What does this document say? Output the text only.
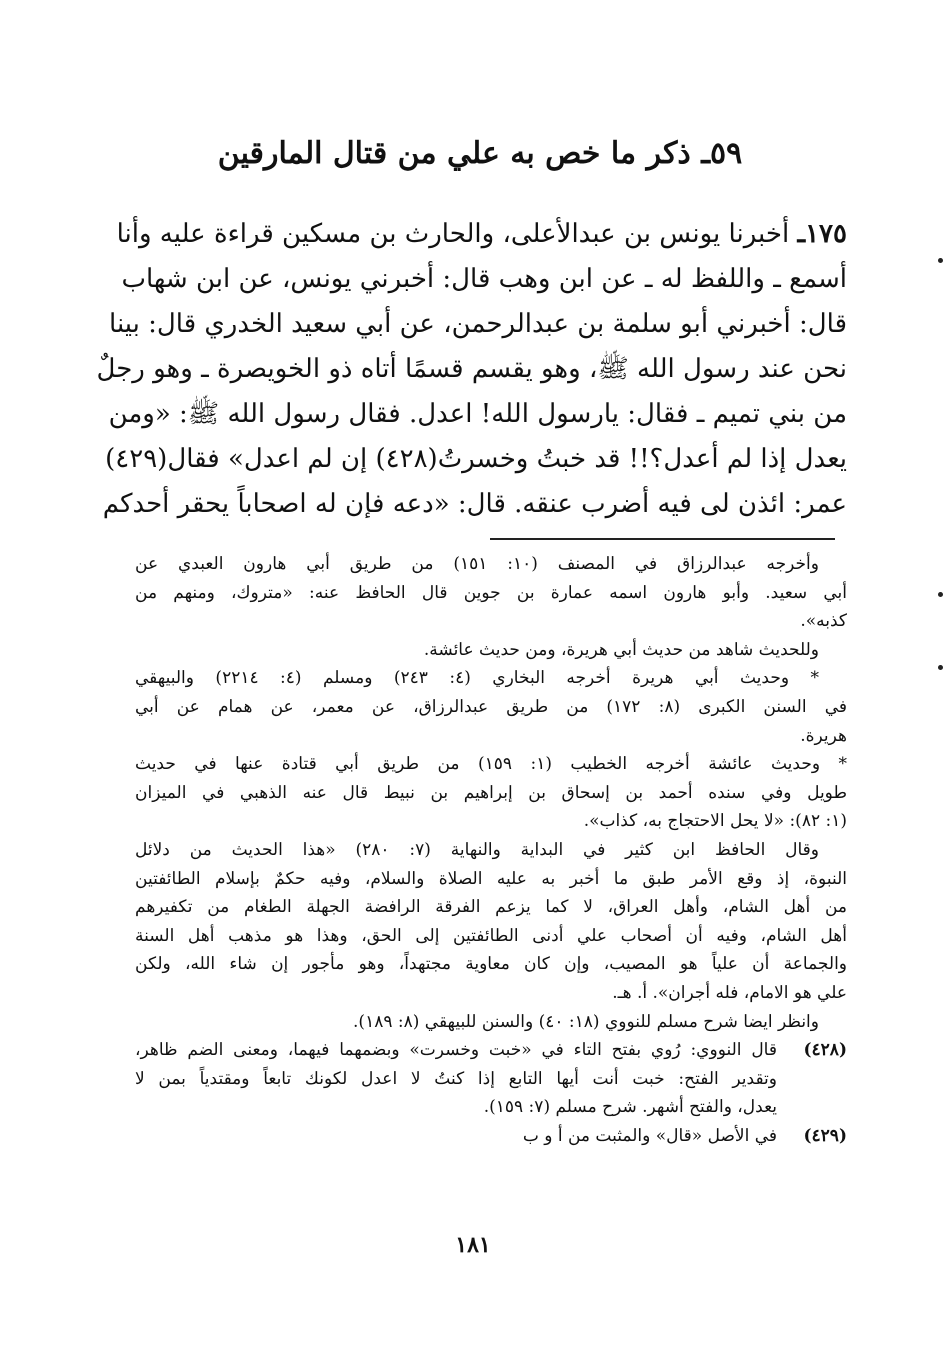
٥٩ـ ذكر ما خص به علي من قتال المارقين
١٧٥ـ أخبرنا يونس بن عبدالأعلى، والحارث بن مسكين قراءة عليه وأنا
أسمع ـ واللفظ له ـ عن ابن وهب قال: أخبرني يونس، عن ابن شهاب
قال: أخبرني أبو سلمة بن عبدالرحمن، عن أبي سعيد الخدري قال: بينا
نحن عند رسول الله ﷺ، وهو يقسم قسمًا أتاه ذو الخويصرة ـ وهو رجلٌ
من بني تميم ـ فقال: يارسول الله! اعدل. فقال رسول الله ﷺ: «ومن
يعدل إذا لم أعدل؟!! قد خبتُ وخسرتُ(٤٢٨) إن لم اعدل» فقال(٤٢٩)
عمر: ائذن لى فيه أضرب عنقه. قال: «دعه فإن له اصحاباً يحقر أحدكم
وأخرجه عبدالرزاق في المصنف (١٠: ١٥١) من طريق أبي هارون العبدي عن
أبي سعيد. وأبو هارون اسمه عمارة بن جوين قال الحافظ عنه: «متروك، ومنهم من
كذبه».
وللحديث شاهد من حديث أبي هريرة، ومن حديث عائشة.
* وحديث أبي هريرة أخرجه البخاري (٤: ٢٤٣) ومسلم (٤: ٢٢١٤) والبيهقي
في السنن الكبرى (٨: ١٧٢) من طريق عبدالرزاق، عن معمر، عن همام عن أبي
هريرة.
* وحديث عائشة أخرجه الخطيب (١: ١٥٩) من طريق أبي قتادة عنها في حديث
طويل وفي سنده أحمد بن إسحاق بن إبراهيم بن نبيط قال عنه الذهبي في الميزان
(١: ٨٢): «لا يحل الاحتجاج به، كذاب».
وقال الحافظ ابن كثير في البداية والنهاية (٧: ٢٨٠) «هذا الحديث من دلائل
النبوة، إذ وقع الأمر طبق ما أخبر به عليه الصلاة والسلام، وفيه حكمٌ بإسلام الطائفتين
من أهل الشام، وأهل العراق، لا كما يزعم الفرقة الرافضة الجهلة الطغام من تكفيرهم
أهل الشام، وفيه أن أصحاب علي أدنى الطائفتين إلى الحق، وهذا هو مذهب أهل السنة
والجماعة أن علياً هو المصيب، وإن كان معاوية مجتهداً، وهو مأجور إن شاء الله، ولكن
علي هو الامام، فله أجران». أ. هـ.
وانظر ايضا شرح مسلم للنووي (١٨: ٤٠) والسنن للبيهقي (٨: ١٨٩).
(٤٢٨)
قال النووي: رُوي بفتح التاء في «خبت وخسرت» وبضمهما فيهما، ومعنى الضم ظاهر،
وتقدير الفتح: خبت أنت أيها التابع إذا كنتُ لا اعدل لكونك تابعاً ومقتدياً بمن لا
يعدل، والفتح أشهر. شرح مسلم (٧: ١٥٩).
(٤٢٩)
في الأصل «قال» والمثبت من أ و ب
١٨١
